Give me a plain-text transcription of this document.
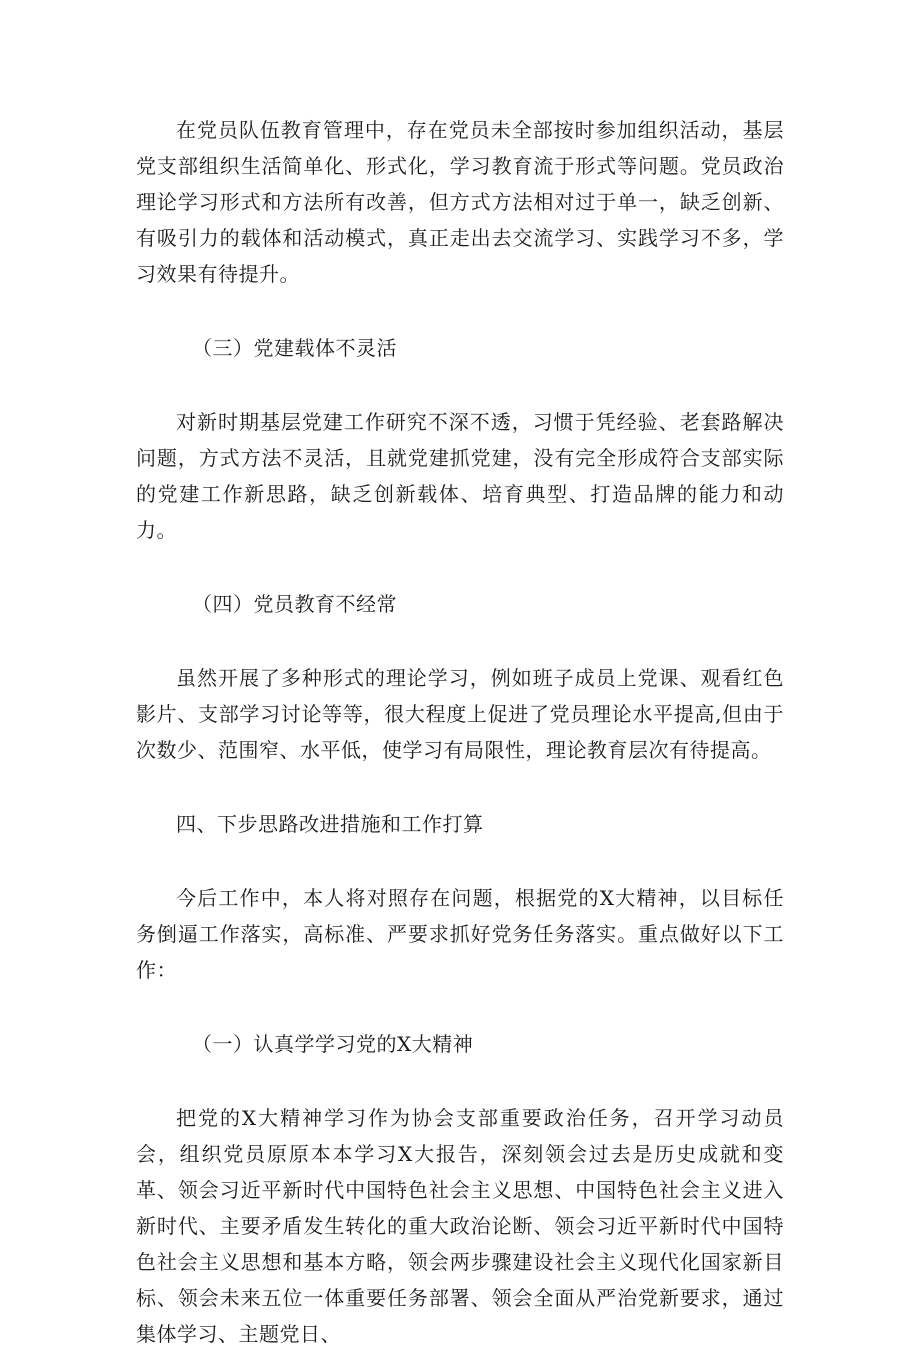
在党员队伍教育管理中，存在党员未全部按时参加组织活动，基层党支部组织生活简单化、形式化，学习教育流于形式等问题。党员政治理论学习形式和方法所有改善，但方式方法相对过于单一，缺乏创新、有吸引力的载体和活动模式，真正走出去交流学习、实践学习不多，学习效果有待提升。

（三）党建载体不灵活

对新时期基层党建工作研究不深不透，习惯于凭经验、老套路解决问题，方式方法不灵活，且就党建抓党建，没有完全形成符合支部实际的党建工作新思路，缺乏创新载体、培育典型、打造品牌的能力和动力。

（四）党员教育不经常

虽然开展了多种形式的理论学习，例如班子成员上党课、观看红色影片、支部学习讨论等等，很大程度上促进了党员理论水平提高,但由于次数少、范围窄、水平低，使学习有局限性，理论教育层次有待提高。

四、下步思路改进措施和工作打算

今后工作中，本人将对照存在问题，根据党的X大精神，以目标任务倒逼工作落实，高标准、严要求抓好党务任务落实。重点做好以下工作：

（一）认真学学习党的X大精神

把党的X大精神学习作为协会支部重要政治任务，召开学习动员会，组织党员原原本本学习X大报告，深刻领会过去是历史成就和变革、领会习近平新时代中国特色社会主义思想、中国特色社会主义进入新时代、主要矛盾发生转化的重大政治论断、领会习近平新时代中国特色社会主义思想和基本方略，领会两步骤建设社会主义现代化国家新目标、领会未来五位一体重要任务部署、领会全面从严治党新要求，通过集体学习、主题党日、
